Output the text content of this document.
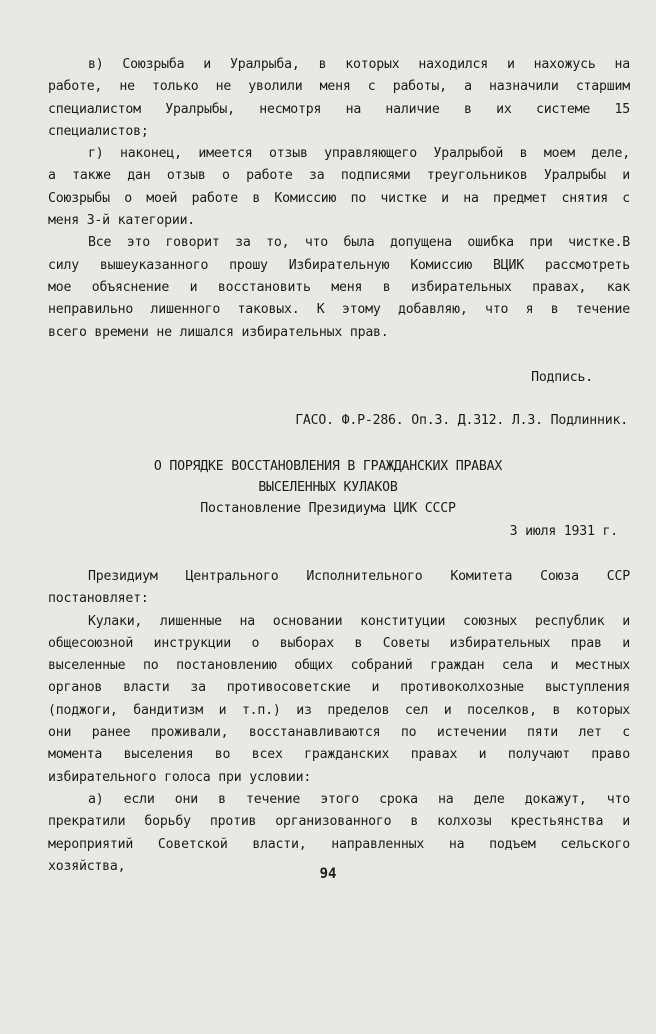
в) Союзрыба и Уралрыба, в которых находился и нахожусь на
работе, не только не уволили меня с работы, а назначили старшим
специалистом Уралрыбы, несмотря на наличие в их системе 15
специалистов;
г) наконец, имеется отзыв управляющего Уралрыбой в моем деле,
а также дан отзыв о работе за подписями треугольников Уралрыбы и
Союзрыбы о моей работе в Комиссию по чистке и на предмет снятия с
меня 3-й категории.
Все это говорит за то, что была допущена ошибка при чистке.В
силу вышеуказанного прошу Избирательную Комиссию ВЦИК рассмотреть
мое объяснение и восстановить меня в избирательных правах, как
неправильно лишенного таковых. К этому добавляю, что я в течение
всего времени не лишался избирательных прав.
Подпись.
ГАСО. Ф.Р-286. Оп.3. Д.312. Л.3. Подлинник.
О ПОРЯДКЕ ВОССТАНОВЛЕНИЯ В ГРАЖДАНСКИХ ПРАВАХ
ВЫСЕЛЕННЫХ КУЛАКОВ
Постановление Президиума ЦИК СССР
3 июля 1931 г.
Президиум Центрального Исполнительного Комитета Союза ССР
постановляет:
Кулаки, лишенные на основании конституции союзных республик и
общесоюзной инструкции о выборах в Советы избирательных прав и
выселенные по постановлению общих собраний граждан села и местных
органов власти за противосоветские и противоколхозные выступления
(поджоги, бандитизм и т.п.) из пределов сел и поселков, в которых
они ранее проживали, восстанавливаются по истечении пяти лет с
момента выселения во всех гражданских правах и получают право
избирательного голоса при условии:
а) если они в течение этого срока на деле докажут, что
прекратили борьбу против организованного в колхозы крестьянства и
мероприятий Советской власти, направленных на подъем сельского
хозяйства,	94
